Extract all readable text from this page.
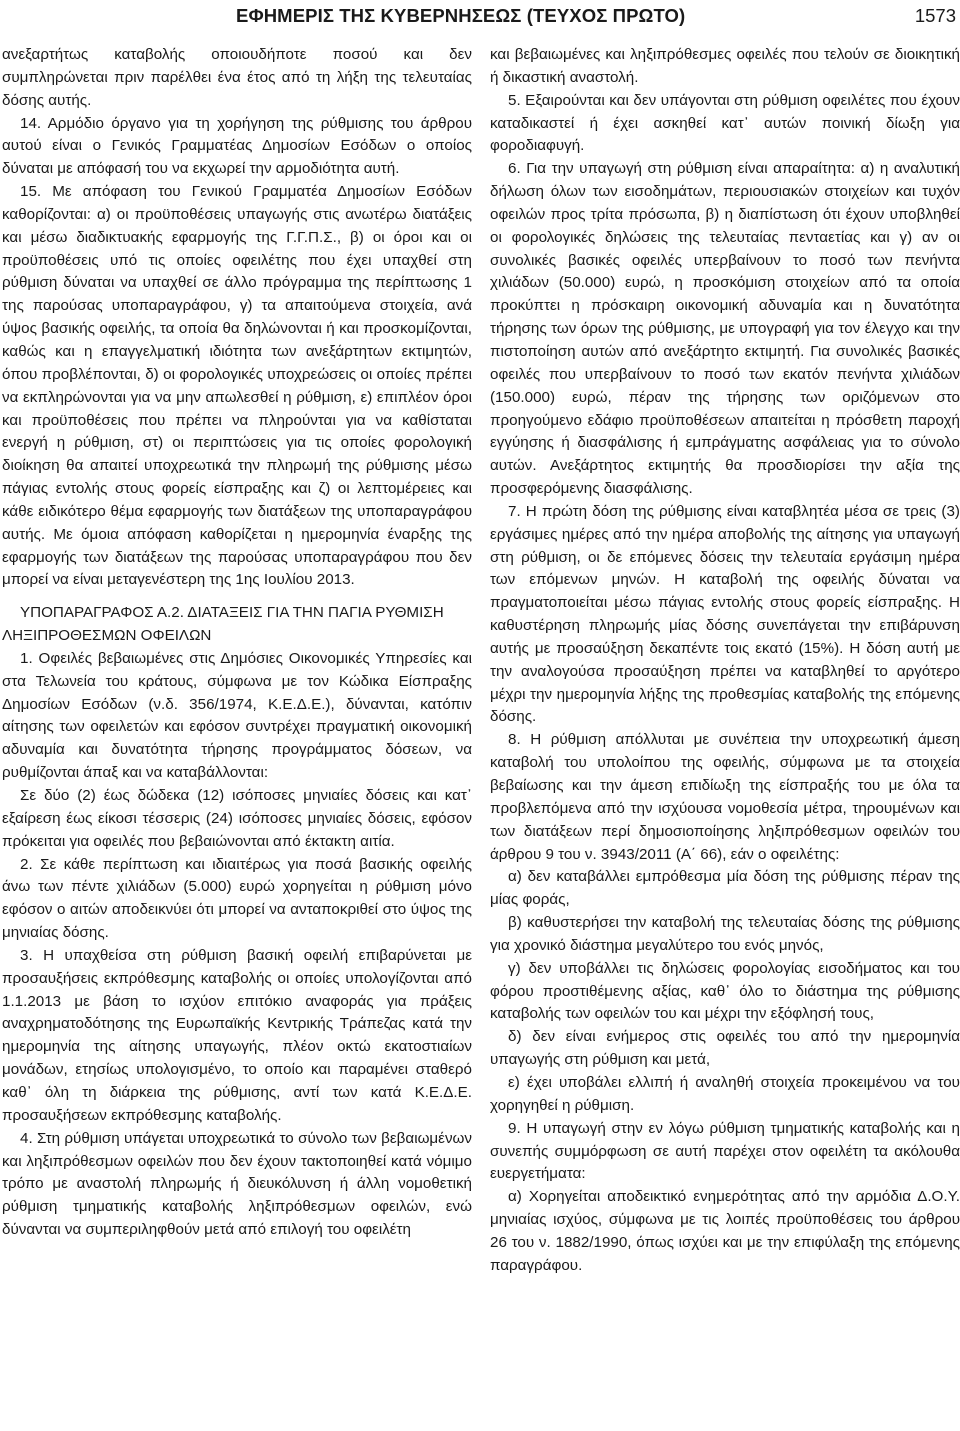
ΕΦΗΜΕΡΙΣ ΤΗΣ ΚΥΒΕΡΝΗΣΕΩΣ (ΤΕΥΧΟΣ ΠΡΩΤΟ)	1573

ανεξαρτήτως καταβολής οποιουδήποτε ποσού και δεν συμπληρώνεται πριν παρέλθει ένα έτος από τη λήξη της τελευταίας δόσης αυτής.

14. Αρμόδιο όργανο για τη χορήγηση της ρύθμισης του άρθρου αυτού είναι ο Γενικός Γραμματέας Δημοσίων Εσόδων ο οποίος δύναται με απόφασή του να εκχωρεί την αρμοδιότητα αυτή.

15. Με απόφαση του Γενικού Γραμματέα Δημοσίων Εσόδων καθορίζονται: α) οι προϋποθέσεις υπαγωγής στις ανωτέρω διατάξεις και μέσω διαδικτυακής εφαρμογής της Γ.Γ.Π.Σ., β) οι όροι και οι προϋποθέσεις υπό τις οποίες οφειλέτης που έχει υπαχθεί στη ρύθμιση δύναται να υπαχθεί σε άλλο πρόγραμμα της περίπτωσης 1 της παρούσας υποπαραγράφου, γ) τα απαιτούμενα στοιχεία, ανά ύψος βασικής οφειλής, τα οποία θα δηλώνονται ή και προσκομίζονται, καθώς και η επαγγελματική ιδιότητα των ανεξάρτητων εκτιμητών, όπου προβλέπονται, δ) οι φορολογικές υποχρεώσεις οι οποίες πρέπει να εκπληρώνονται για να μην απωλεσθεί η ρύθμιση, ε) επιπλέον όροι και προϋποθέσεις που πρέπει να πληρούνται για να καθίσταται ενεργή η ρύθμιση, στ) οι περιπτώσεις για τις οποίες φορολογική διοίκηση θα απαιτεί υποχρεωτικά την πληρωμή της ρύθμισης μέσω πάγιας εντολής στους φορείς είσπραξης και ζ) οι λεπτομέρειες και κάθε ειδικότερο θέμα εφαρμογής των διατάξεων της υποπαραγράφου αυτής. Με όμοια απόφαση καθορίζεται η ημερομηνία έναρξης της εφαρμογής των διατάξεων της παρούσας υποπαραγράφου που δεν μπορεί να είναι μεταγενέστερη της 1ης Ιουλίου 2013.

ΥΠΟΠΑΡΑΓΡΑΦΟΣ Α.2. ΔΙΑΤΑΞΕΙΣ ΓΙΑ ΤΗΝ ΠΑΓΙΑ ΡΥΘΜΙΣΗ ΛΗΞΙΠΡΟΘΕΣΜΩΝ ΟΦΕΙΛΩΝ

1. Οφειλές βεβαιωμένες στις Δημόσιες Οικονομικές Υπηρεσίες και στα Τελωνεία του κράτους, σύμφωνα με τον Κώδικα Είσπραξης Δημοσίων Εσόδων (ν.δ. 356/1974, Κ.Ε.Δ.Ε.), δύνανται, κατόπιν αίτησης των οφειλετών και εφόσον συντρέχει πραγματική οικονομική αδυναμία και δυνατότητα τήρησης προγράμματος δόσεων, να ρυθμίζονται άπαξ και να καταβάλλονται:

Σε δύο (2) έως δώδεκα (12) ισόποσες μηνιαίες δόσεις και κατ᾽ εξαίρεση έως είκοσι τέσσερις (24) ισόποσες μηνιαίες δόσεις, εφόσον πρόκειται για οφειλές που βεβαιώνονται από έκτακτη αιτία.

2. Σε κάθε περίπτωση και ιδιαιτέρως για ποσά βασικής οφειλής άνω των πέντε χιλιάδων (5.000) ευρώ χορηγείται η ρύθμιση μόνο εφόσον ο αιτών αποδεικνύει ότι μπορεί να ανταποκριθεί στο ύψος της μηνιαίας δόσης.

3. Η υπαχθείσα στη ρύθμιση βασική οφειλή επιβαρύνεται με προσαυξήσεις εκπρόθεσμης καταβολής οι οποίες υπολογίζονται από 1.1.2013 με βάση το ισχύον επιτόκιο αναφοράς για πράξεις αναχρηματοδότησης της Ευρωπαϊκής Κεντρικής Τράπεζας κατά την ημερομηνία της αίτησης υπαγωγής, πλέον οκτώ εκατοστιαίων μονάδων, ετησίως υπολογισμένο, το οποίο και παραμένει σταθερό καθ᾽ όλη τη διάρκεια της ρύθμισης, αντί των κατά Κ.Ε.Δ.Ε. προσαυξήσεων εκπρόθεσμης καταβολής.

4. Στη ρύθμιση υπάγεται υποχρεωτικά το σύνολο των βεβαιωμένων και ληξιπρόθεσμων οφειλών που δεν έχουν τακτοποιηθεί κατά νόμιμο τρόπο με αναστολή πληρωμής ή διευκόλυνση ή άλλη νομοθετική ρύθμιση τμηματικής καταβολής ληξιπρόθεσμων οφειλών, ενώ δύνανται να συμπεριληφθούν μετά από επιλογή του οφειλέτη

και βεβαιωμένες και ληξιπρόθεσμες οφειλές που τελούν σε διοικητική ή δικαστική αναστολή.

5. Εξαιρούνται και δεν υπάγονται στη ρύθμιση οφειλέτες που έχουν καταδικαστεί ή έχει ασκηθεί κατ᾽ αυτών ποινική δίωξη για φοροδιαφυγή.

6. Για την υπαγωγή στη ρύθμιση είναι απαραίτητα: α) η αναλυτική δήλωση όλων των εισοδημάτων, περιουσιακών στοιχείων και τυχόν οφειλών προς τρίτα πρόσωπα, β) η διαπίστωση ότι έχουν υποβληθεί οι φορολογικές δηλώσεις της τελευταίας πενταετίας και γ) αν οι συνολικές βασικές οφειλές υπερβαίνουν το ποσό των πενήντα χιλιάδων (50.000) ευρώ, η προσκόμιση στοιχείων από τα οποία προκύπτει η πρόσκαιρη οικονομική αδυναμία και η δυνατότητα τήρησης των όρων της ρύθμισης, με υπογραφή για τον έλεγχο και την πιστοποίηση αυτών από ανεξάρτητο εκτιμητή. Για συνολικές βασικές οφειλές που υπερβαίνουν το ποσό των εκατόν πενήντα χιλιάδων (150.000) ευρώ, πέραν της τήρησης των οριζόμενων στο προηγούμενο εδάφιο προϋποθέσεων απαιτείται η πρόσθετη παροχή εγγύησης ή διασφάλισης ή εμπράγματης ασφάλειας για το σύνολο αυτών. Ανεξάρτητος εκτιμητής θα προσδιορίσει την αξία της προσφερόμενης διασφάλισης.

7. Η πρώτη δόση της ρύθμισης είναι καταβλητέα μέσα σε τρεις (3) εργάσιμες ημέρες από την ημέρα αποβολής της αίτησης για υπαγωγή στη ρύθμιση, οι δε επόμενες δόσεις την τελευταία εργάσιμη ημέρα των επόμενων μηνών. Η καταβολή της οφειλής δύναται να πραγματοποιείται μέσω πάγιας εντολής στους φορείς είσπραξης. Η καθυστέρηση πληρωμής μίας δόσης συνεπάγεται την επιβάρυνση αυτής με προσαύξηση δεκαπέντε τοις εκατό (15%). Η δόση αυτή με την αναλογούσα προσαύξηση πρέπει να καταβληθεί το αργότερο μέχρι την ημερομηνία λήξης της προθεσμίας καταβολής της επόμενης δόσης.

8. Η ρύθμιση απόλλυται με συνέπεια την υποχρεωτική άμεση καταβολή του υπολοίπου της οφειλής, σύμφωνα με τα στοιχεία βεβαίωσης και την άμεση επιδίωξη της είσπραξής του με όλα τα προβλεπόμενα από την ισχύουσα νομοθεσία μέτρα, τηρουμένων και των διατάξεων περί δημοσιοποίησης ληξιπρόθεσμων οφειλών του άρθρου 9 του ν. 3943/2011 (Α΄ 66), εάν ο οφειλέτης:

α) δεν καταβάλλει εμπρόθεσμα μία δόση της ρύθμισης πέραν της μίας φοράς,

β) καθυστερήσει την καταβολή της τελευταίας δόσης της ρύθμισης για χρονικό διάστημα μεγαλύτερο του ενός μηνός,

γ) δεν υποβάλλει τις δηλώσεις φορολογίας εισοδήματος και του φόρου προστιθέμενης αξίας, καθ᾽ όλο το διάστημα της ρύθμισης καταβολής των οφειλών του και μέχρι την εξόφλησή τους,

δ) δεν είναι ενήμερος στις οφειλές του από την ημερομηνία υπαγωγής στη ρύθμιση και μετά,

ε) έχει υποβάλει ελλιπή ή αναληθή στοιχεία προκειμένου να του χορηγηθεί η ρύθμιση.

9. Η υπαγωγή στην εν λόγω ρύθμιση τμηματικής καταβολής και η συνεπής συμμόρφωση σε αυτή παρέχει στον οφειλέτη τα ακόλουθα ευεργετήματα:

α) Χορηγείται αποδεικτικό ενημερότητας από την αρμόδια Δ.Ο.Υ. μηνιαίας ισχύος, σύμφωνα με τις λοιπές προϋποθέσεις του άρθρου 26 του ν. 1882/1990, όπως ισχύει και με την επιφύλαξη της επόμενης παραγράφου.
